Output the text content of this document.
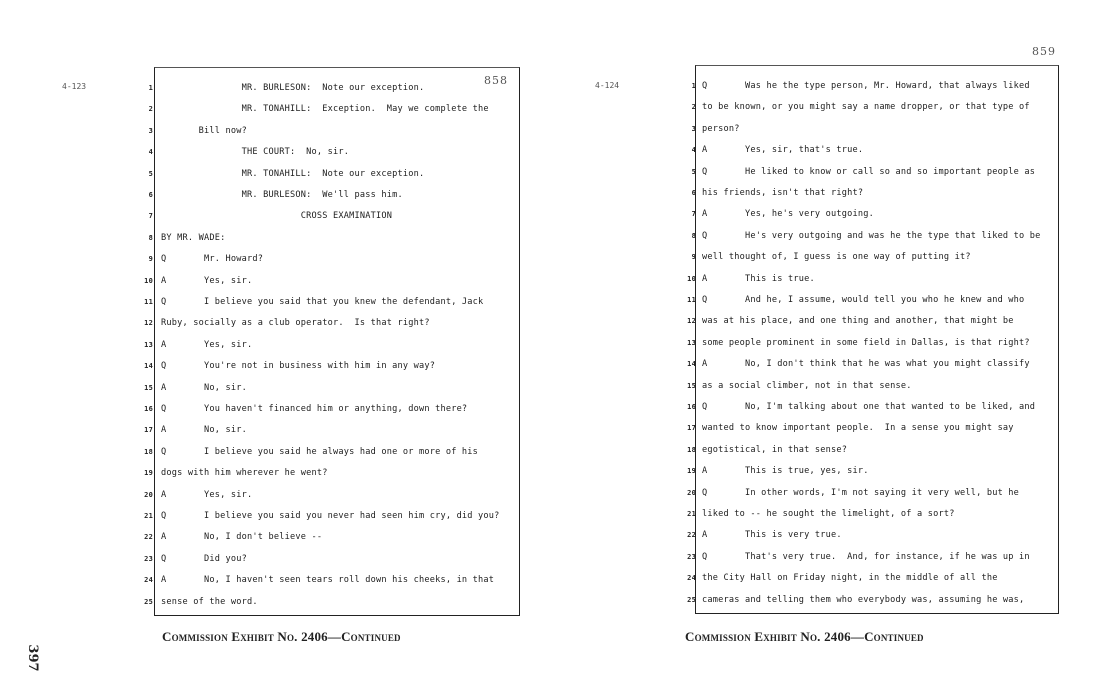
858
4-123	1 MR. BURLESON:  Note our exception.
2 MR. TONAHILL:  Exception.  May we complete the
3 Bill now?
4 THE COURT:  No, sir.
5 MR. TONAHILL:  Note our exception.
6 MR. BURLESON:  We'll pass him.
7 CROSS EXAMINATION
8 BY MR. WADE:
9 Q       Mr. Howard?
10 A       Yes, sir.
11 Q       I believe you said that you knew the defendant, Jack
12 Ruby, socially as a club operator.  Is that right?
13 A       Yes, sir.
14 Q       You're not in business with him in any way?
15 A       No, sir.
16 Q       You haven't financed him or anything, down there?
17 A       No, sir.
18 Q       I believe you said he always had one or more of his
19 dogs with him wherever he went?
20 A       Yes, sir.
21 Q       I believe you said you never had seen him cry, did you?
22 A       No, I don't believe --
23 Q       Did you?
24 A       No, I haven't seen tears roll down his cheeks, in that
25 sense of the word.
Commission Exhibit No. 2406—Continued
859
4-124	1 Q       Was he the type person, Mr. Howard, that always liked
2 to be known, or you might say a name dropper, or that type of
3 person?
4 A       Yes, sir, that's true.
5 Q       He liked to know or call so and so important people as
6 his friends, isn't that right?
7 A       Yes, he's very outgoing.
8 Q       He's very outgoing and was he the type that liked to be
9 well thought of, I guess is one way of putting it?
10 A       This is true.
11 Q       And he, I assume, would tell you who he knew and who
12 was at his place, and one thing and another, that might be
13 some people prominent in some field in Dallas, is that right?
14 A       No, I don't think that he was what you might classify
15 as a social climber, not in that sense.
16 Q       No, I'm talking about one that wanted to be liked, and
17 wanted to know important people.  In a sense you might say
18 egotistical, in that sense?
19 A       This is true, yes, sir.
20 Q       In other words, I'm not saying it very well, but he
21 liked to -- he sought the limelight, of a sort?
22 A       This is very true.
23 Q       That's very true.  And, for instance, if he was up in
24 the City Hall on Friday night, in the middle of all the
25 cameras and telling them who everybody was, assuming he was,
Commission Exhibit No. 2406—Continued
397
